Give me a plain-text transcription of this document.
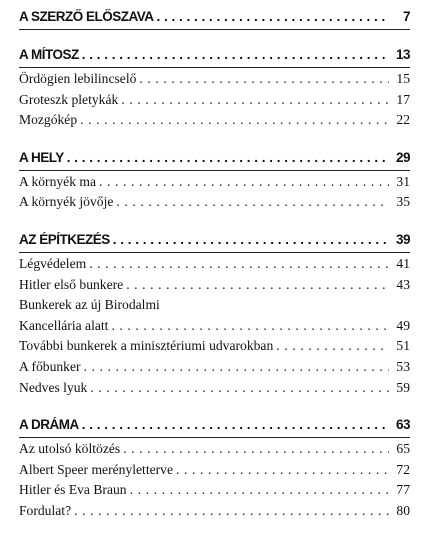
A SZERZŐ ELŐSZAVA . . .	7
A MÍTOSZ . . .	13
Ördögien lebilincselő . . .	15
Groteszk pletykák . . .	17
Mozgókép . . .	22
A HELY . . .	29
A környék ma . . .	31
A környék jövője . . .	35
AZ ÉPÍTKEZÉS . . .	39
Légvédelem . . .	41
Hitler első bunkere . . .	43
Bunkerek az új Birodalmi
Kancellária alatt . . .	49
További bunkerek a minisztériumi udvarokban . . .	51
A főbunker . . .	53
Nedves lyuk . . .	59
A DRÁMA . . .	63
Az utolsó költözés . . .	65
Albert Speer merényletterve . . .	72
Hitler és Eva Braun . . .	77
Fordulat? . . .	80
